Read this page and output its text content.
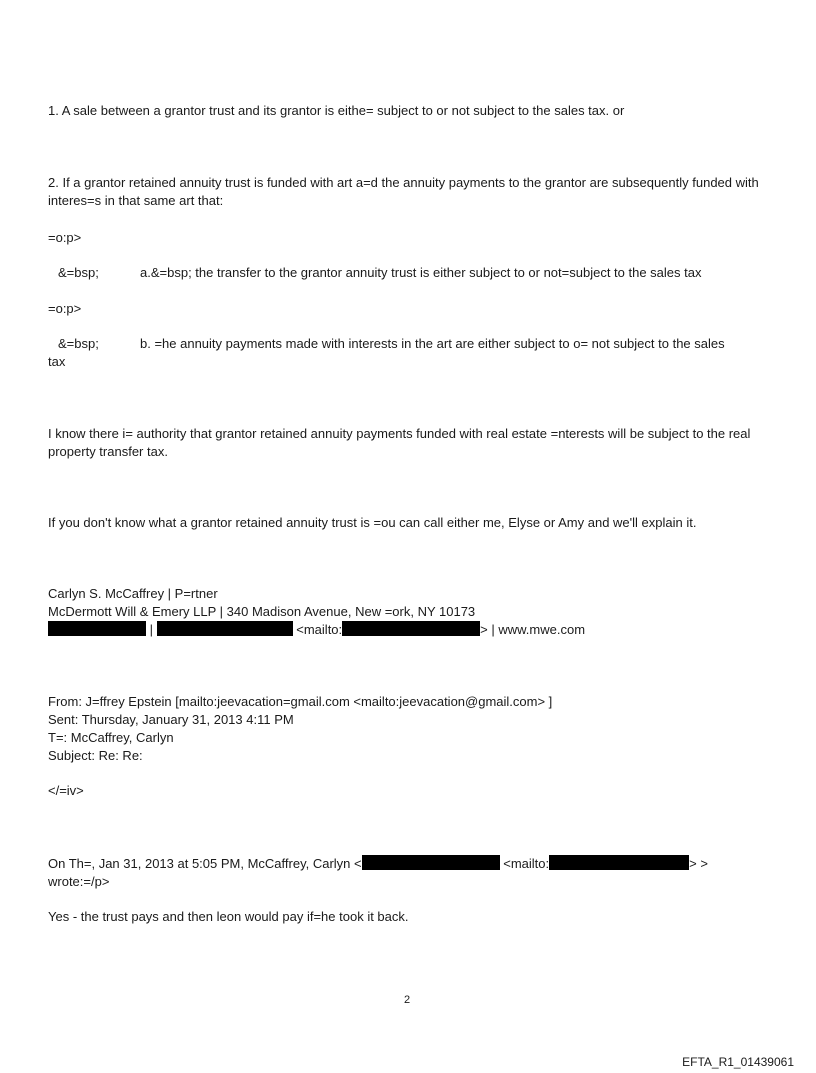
1. A sale between a grantor trust and its grantor is eithe= subject to or not subject to the sales tax. or
2. If a grantor retained annuity trust is funded with art a=d the annuity payments to the grantor are subsequently funded with interes=s in that same art that:
=o:p>
&=bsp;	a.&=bsp; the transfer to the grantor annuity trust is either subject to or not=subject to the sales tax
=o:p>
&=bsp;	b. =he annuity payments made with interests in the art are either subject to o= not subject to the sales
tax
I know there i= authority that grantor retained annuity payments funded with real estate =nterests will be subject to the real property transfer tax.
If you don't know what a grantor retained annuity trust is =ou can call either me, Elyse or Amy and we'll explain it.
Carlyn S. McCaffrey | P=rtner
McDermott Will & Emery LLP | 340 Madison Avenue, New =ork, NY 10173
|	<mailto:	> | www.mwe.com
From: J=ffrey Epstein [mailto:jeevacation=gmail.com <mailto:jeevacation@gmail.com> ]
Sent: Thursday, January 31, 2013 4:11 PM
T=: McCaffrey, Carlyn
Subject: Re: Re:
</=iv>
On Th=, Jan 31, 2013 at 5:05 PM, McCaffrey, Carlyn <	<mailto:	> >
wrote:=/p>
Yes - the trust pays and then leon would pay if=he took it back.
2
EFTA_R1_01439061
